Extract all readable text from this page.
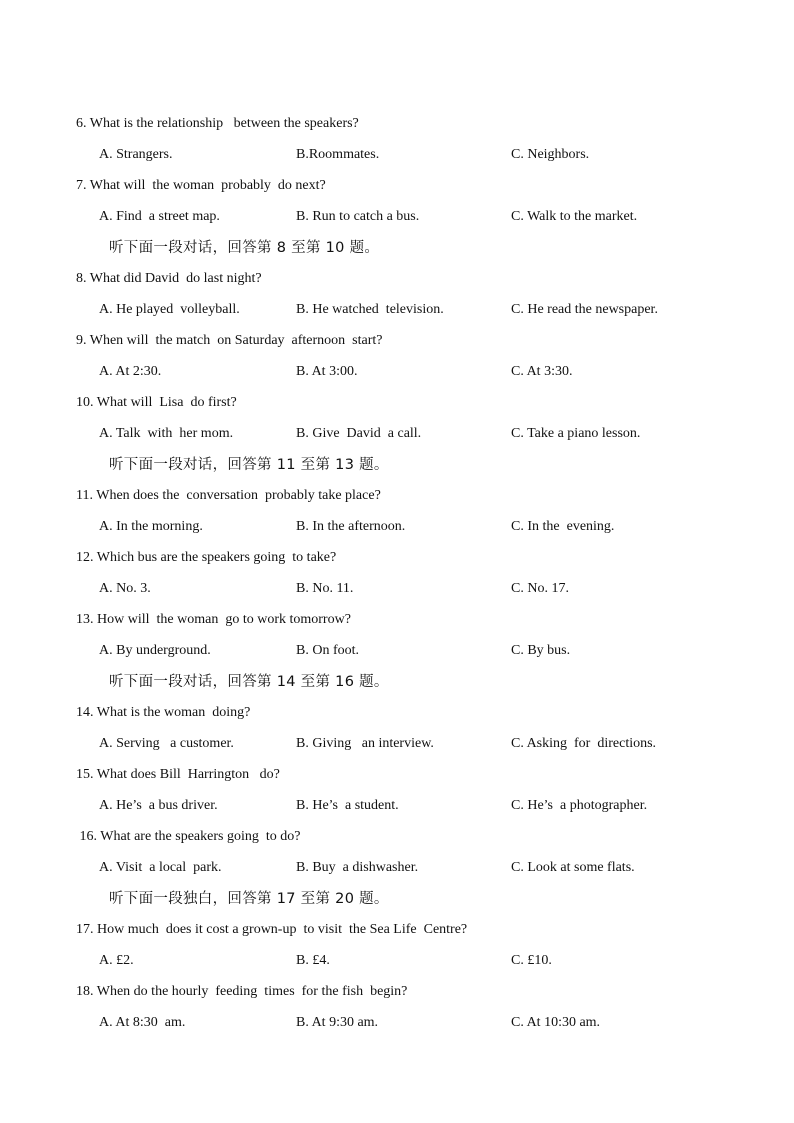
6. What is the relationship   between the speakers?
A. Strangers.	B.Roommates.	C. Neighbors.
7. What will  the woman  probably  do next?
A. Find  a street map.	B. Run to catch a bus.	C. Walk to the market.
听下面一段对话，回答第 8 至第 10 题。
8. What did David  do last night?
A. He played  volleyball.	B. He watched  television.	C. He read the newspaper.
9. When will  the match  on Saturday  afternoon  start?
A. At 2:30.	B. At 3:00.	C. At 3:30.
10. What will  Lisa  do first?
A. Talk  with  her mom.	B. Give  David  a call.	C. Take a piano lesson.
听下面一段对话，回答第 11 至第 13 题。
11. When does the  conversation  probably take place?
A. In the morning.	B. In the afternoon.	C. In the  evening.
12. Which bus are the speakers going  to take?
A. No. 3.	B. No. 11.	C. No. 17.
13. How will  the woman  go to work tomorrow?
A. By underground.	B. On foot.	C. By bus.
听下面一段对话，回答第 14 至第 16 题。
14. What is the woman  doing?
A. Serving   a customer.	B. Giving   an interview.	C. Asking  for  directions.
15. What does Bill  Harrington   do?
A. He’s  a bus driver.	B. He’s  a student.	C. He’s  a photographer.
16. What are the speakers going  to do?
A. Visit  a local  park.	B. Buy  a dishwasher.	C. Look at some flats.
听下面一段独白，回答第 17 至第 20 题。
17. How much  does it cost a grown-up  to visit  the Sea Life  Centre?
A. £2.	B. £4.	C. £10.
18. When do the hourly  feeding  times  for the fish  begin?
A. At 8:30  am.	B. At 9:30 am.	C. At 10:30 am.
